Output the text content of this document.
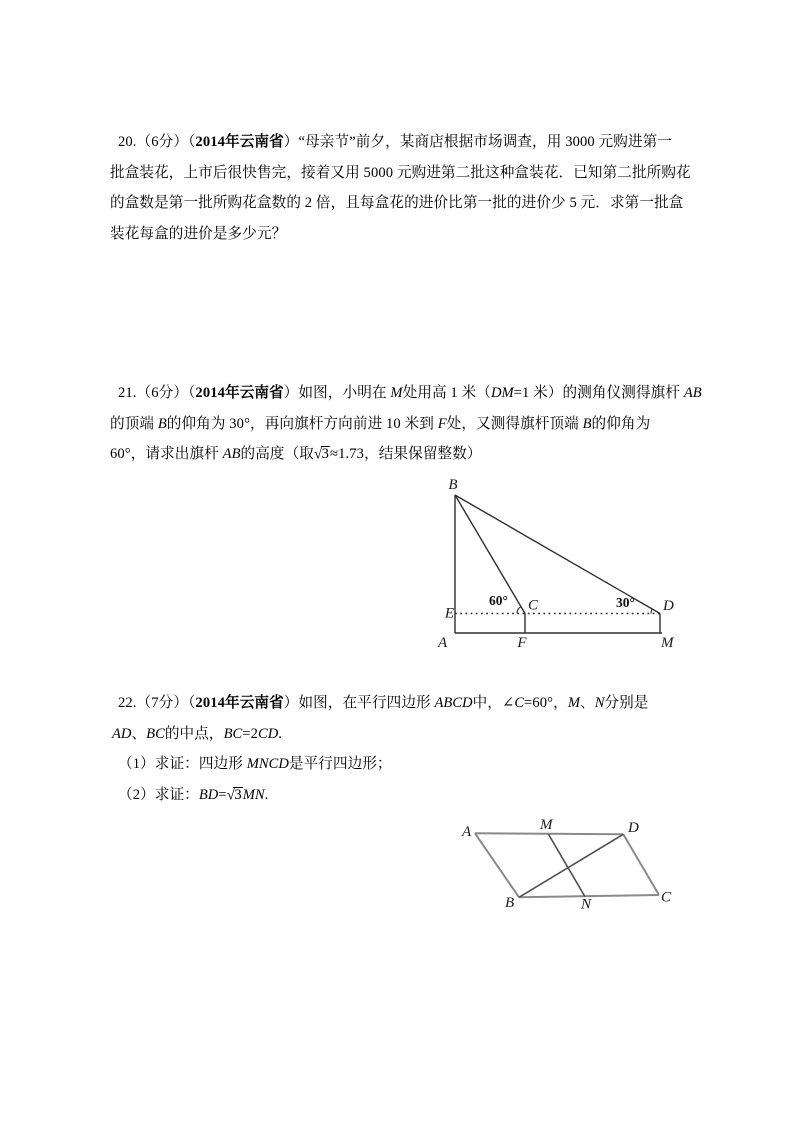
20.（6分）（2014年云南省）“母亲节”前夕，某商店根据市场调查，用 3000 元购进第一
批盒装花，上市后很快售完，接着又用 5000 元购进第二批这种盒装花．已知第二批所购花
的盒数是第一批所购花盒数的 2 倍，且每盒花的进价比第一批的进价少 5 元．求第一批盒
装花每盒的进价是多少元？
21.（6分）（2014年云南省）如图，小明在 M处用高 1 米（DM=1 米）的测角仪测得旗杆 AB
的顶端 B的仰角为 30°，再向旗杆方向前进 10 米到 F处，又测得旗杆顶端 B的仰角为
60°，请求出旗杆 AB的高度（取√3≈1.73，结果保留整数）
B
E
A
C	D
F	M
60°	30°
22.（7分）（2014年云南省）如图，在平行四边形 ABCD中，∠C=60°，M、N分别是
AD、BC的中点，BC=2CD.
（1）求证：四边形 MNCD是平行四边形；
（2）求证：BD=√3MN.
A	M	D
B	N	C
